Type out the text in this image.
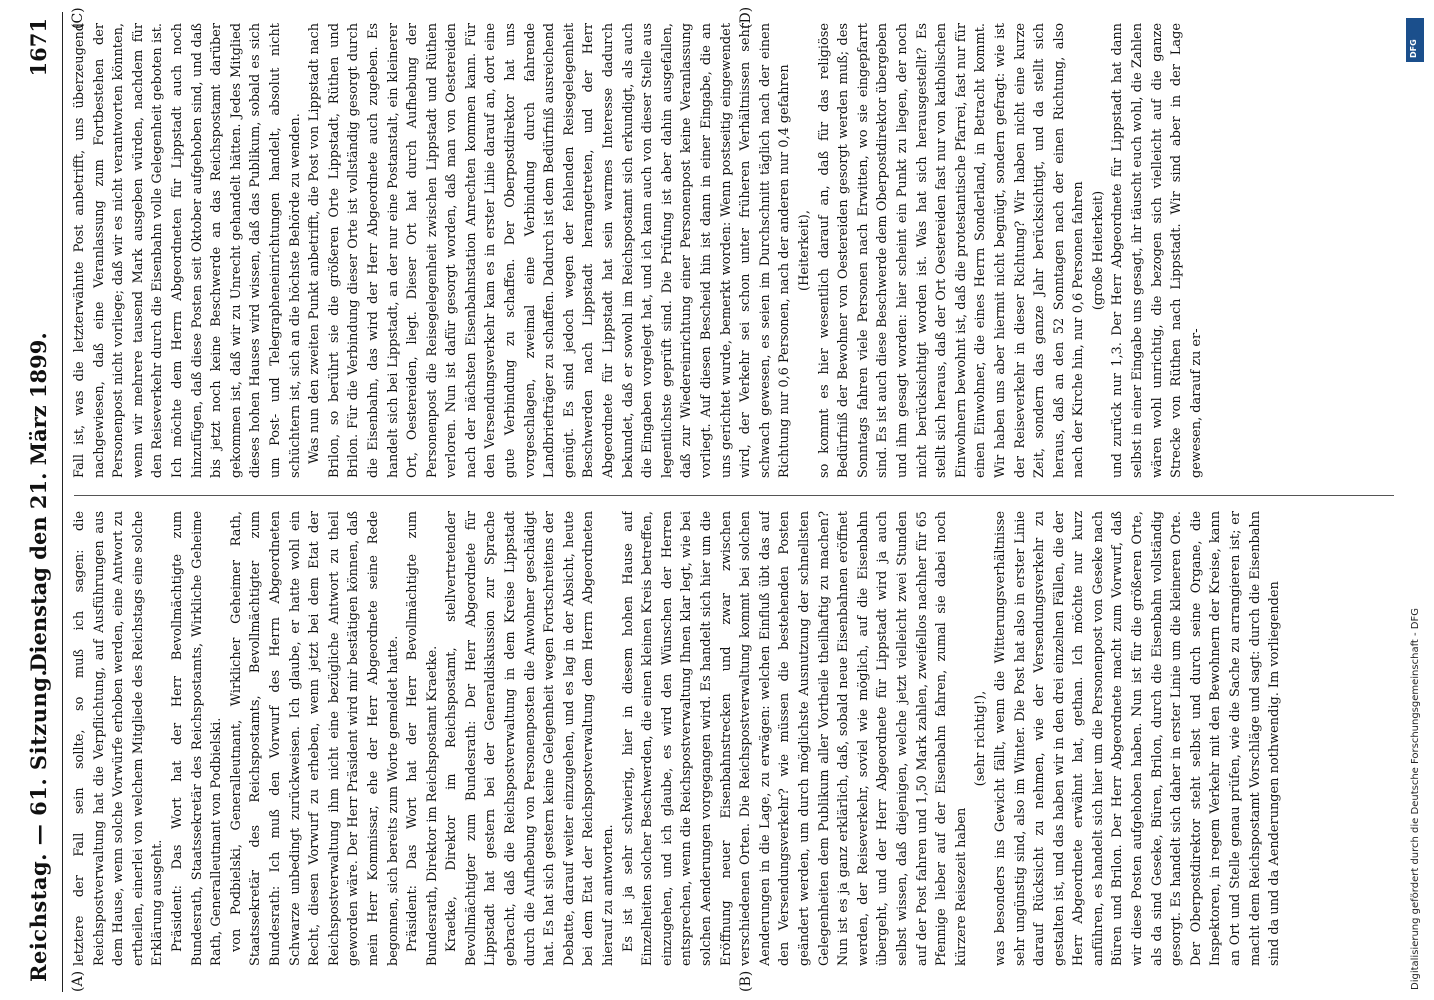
Reichstag. — 61. Sitzung.
Dienstag den 21. März 1899.
1671
(A)	(B)
(C)	(D)

letztere der Fall sein sollte, so muß ich sagen: die Reichspostverwaltung hat die Verpflichtung, auf Ausführungen aus dem Hause, wenn solche Vorwürfe erhoben werden, eine Antwort zu ertheilen, einerlei von welchem Mitgliede des Reichstags eine solche Erklärung ausgeht. Präsident: Das Wort hat der Herr Bevollmächtigte zum Bundesrath, Staatssekretär des Reichspostamts, Wirkliche Geheime Rath, Generalleutnant von Podbielski. von Podbielski, Generalleutnant, Wirklicher Geheimer Rath, Staatssekretär des Reichspostamts, Bevollmächtigter zum Bundesrath: Ich muß den Vorwurf des Herrn Abgeordneten Schwarze unbedingt zurückweisen. Ich glaube, er hatte wohl ein Recht, diesen Vorwurf zu erheben, wenn jetzt bei dem Etat der Reichspostverwaltung ihm nicht eine bezügliche Antwort zu theil geworden wäre. Der Herr Präsident wird mir bestätigen können, daß mein Herr Kommissar, ehe der Herr Abgeordnete seine Rede begonnen, sich bereits zum Worte gemeldet hatte. Präsident: Das Wort hat der Herr Bevollmächtigte zum Bundesrath, Direktor im Reichspostamt Kraetke. Kraetke, Direktor im Reichspostamt, stellvertretender Bevollmächtigter zum Bundesrath: Der Herr Abgeordnete für Lippstadt hat gestern bei der Generaldiskussion zur Sprache gebracht, daß die Reichspostverwaltung in dem Kreise Lippstadt durch die Aufhebung von Personenposten die Anwohner geschädigt hat. Es hat sich gestern keine Gelegenheit wegen Fortschreitens der Debatte, darauf weiter einzugehen, und es lag in der Absicht, heute bei dem Etat der Reichspostverwaltung dem Herrn Abgeordneten hierauf zu antworten. Es ist ja sehr schwierig, hier in diesem hohen Hause auf Einzelheiten solcher Beschwerden, die einen kleinen Kreis betreffen, einzugehen, und ich glaube, es wird den Wünschen der Herren entsprechen, wenn die Reichspostverwaltung Ihnen klar legt, wie bei solchen Aenderungen vorgegangen wird. Es handelt sich hier um die Eröffnung neuer Eisenbahnstrecken und zwar zwischen verschiedenen Orten. Die Reichspostverwaltung kommt bei solchen Aenderungen in die Lage, zu erwägen: welchen Einfluß übt das auf den Versendungsverkehr? wie müssen die bestehenden Posten geändert werden, um durch möglichste Ausnutzung der schnellsten Gelegenheiten dem Publikum aller Vortheile theilhaftig zu machen? Nun ist es ja ganz erklärlich, daß, sobald neue Eisenbahnen eröffnet werden, der Reiseverkehr, soviel wie möglich, auf die Eisenbahn übergeht, und der Herr Abgeordnete für Lippstadt wird ja auch selbst wissen, daß diejenigen, welche jetzt vielleicht zwei Stunden auf der Post fahren und 1,50 Mark zahlen, zweifellos nachher für 65 Pfennige lieber auf der Eisenbahn fahren, zumal sie dabei noch kürzere Reisezeit haben

(sehr richtig!), was besonders ins Gewicht fällt, wenn die Witterungsverhältnisse sehr ungünstig sind, also im Winter. Die Post hat also in erster Linie darauf Rücksicht zu nehmen, wie der Versendungsverkehr zu gestalten ist, und das haben wir in den drei einzelnen Fällen, die der Herr Abgeordnete erwähnt hat, gethan. Ich möchte nur kurz anführen, es handelt sich hier um die Personenpost von Geseke nach Büren und Brilon. Der Herr Abgeordnete macht zum Vorwurf, daß wir diese Posten aufgehoben haben. Nun ist für die größeren Orte, als da sind Geseke, Büren, Brilon, durch die Eisenbahn vollständig gesorgt. Es handelt sich daher in erster Linie um die kleineren Orte. Der Oberpostdirektor steht selbst und durch seine Organe, die Inspektoren, in regem Verkehr mit den Bewohnern der Kreise, kann an Ort und Stelle genau prüfen, wie die Sache zu arrangieren ist; er macht dem Reichspostamt Vorschläge und sagt: durch die Eisenbahn sind da und da Aenderungen nothwendig. Im vorliegenden

Fall ist, was die letzterwähnte Post anbetrifft, uns überzeugend nachgewiesen, daß eine Veranlassung zum Fortbestehen der Personenpost nicht vorliege; daß wir es nicht verantworten könnten, wenn wir mehrere tausend Mark ausgeben würden, nachdem für den Reiseverkehr durch die Eisenbahn volle Gelegenheit geboten ist. Ich möchte dem Herrn Abgeordneten für Lippstadt auch noch hinzufügen, daß diese Posten seit Oktober aufgehoben sind, und daß bis jetzt noch keine Beschwerde an das Reichspostamt darüber gekommen ist, daß wir zu Unrecht gehandelt hätten. Jedes Mitglied dieses hohen Hauses wird wissen, daß das Publikum, sobald es sich um Post- und Telegrapheneinrichtungen handelt, absolut nicht schüchtern ist, sich an die höchste Behörde zu wenden. Was nun den zweiten Punkt anbetrifft, die Post von Lippstadt nach Brilon, so berührt sie die größeren Orte Lippstadt, Rüthen und Brilon. Für die Verbindung dieser Orte ist vollständig gesorgt durch die Eisenbahn, das wird der Herr Abgeordnete auch zugeben. Es handelt sich bei Lippstadt, an der nur eine Postanstalt, ein kleinerer Ort, Oestereiden, liegt. Dieser Ort hat durch Aufhebung der Personenpost die Reisegelegenheit zwischen Lippstadt und Rüthen verloren. Nun ist dafür gesorgt worden, daß man von Oestereiden nach der nächsten Eisenbahnstation Anrechten kommen kann. Für den Versendungsverkehr kam es in erster Linie darauf an, dort eine gute Verbindung zu schaffen. Der Oberpostdirektor hat uns vorgeschlagen, zweimal eine Verbindung durch fahrende Landbriefträger zu schaffen. Dadurch ist dem Bedürfniß ausreichend genügt. Es sind jedoch wegen der fehlenden Reisegelegenheit Beschwerden nach Lippstadt herangetreten, und der Herr Abgeordnete für Lippstadt hat sein warmes Interesse dadurch bekundet, daß er sowohl im Reichspostamt sich erkundigt, als auch die Eingaben vorgelegt hat, und ich kann auch von dieser Stelle aus legentlichste geprüft sind. Die Prüfung ist aber dahin ausgefallen, daß zur Wiedereinrichtung einer Personenpost keine Veranlassung vorliegt. Auf diesen Bescheid hin ist dann in einer Eingabe, die an uns gerichtet wurde, bemerkt worden: Wenn postseitig eingewendet wird, der Verkehr sei schon unter früheren Verhältnissen sehr schwach gewesen, es seien im Durchschnitt täglich nach der einen Richtung nur 0,6 Personen, nach der anderen nur 0,4 gefahren (Heiterkeit), so kommt es hier wesentlich darauf an, daß für das religiöse Bedürfniß der Bewohner von Oestereiden gesorgt werden muß; des Sonntags fahren viele Personen nach Erwitten, wo sie eingepfarrt sind. Es ist auch diese Beschwerde dem Oberpostdirektor übergeben und ihm gesagt worden: hier scheint ein Punkt zu liegen, der noch nicht berücksichtigt worden ist. Was hat sich herausgestellt? Es stellt sich heraus, daß der Ort Oestereiden fast nur von katholischen Einwohnern bewohnt ist, daß die protestantische Pfarrei, fast nur für einen Einwohner, die eines Herrn Sonderland, in Betracht kommt. Wir haben uns aber hiermit nicht begnügt, sondern gefragt: wie ist der Reiseverkehr in dieser Richtung? Wir haben nicht eine kurze Zeit, sondern das ganze Jahr berücksichtigt, und da stellt sich heraus, daß an den 52 Sonntagen nach der einen Richtung, also nach der Kirche hin, nur 0,6 Personen fahren (große Heiterkeit) und zurück nur 1,3. Der Herr Abgeordnete für Lippstadt hat dann selbst in einer Eingabe uns gesagt, ihr täuscht euch wohl, die Zahlen wären wohl unrichtig, die bezogen sich vielleicht auf die ganze Strecke von Rüthen nach Lippstadt. Wir sind aber in der Lage gewesen, darauf zu er-

DFG
Digitalisierung gefördert durch die Deutsche Forschungsgemeinschaft - DFG
